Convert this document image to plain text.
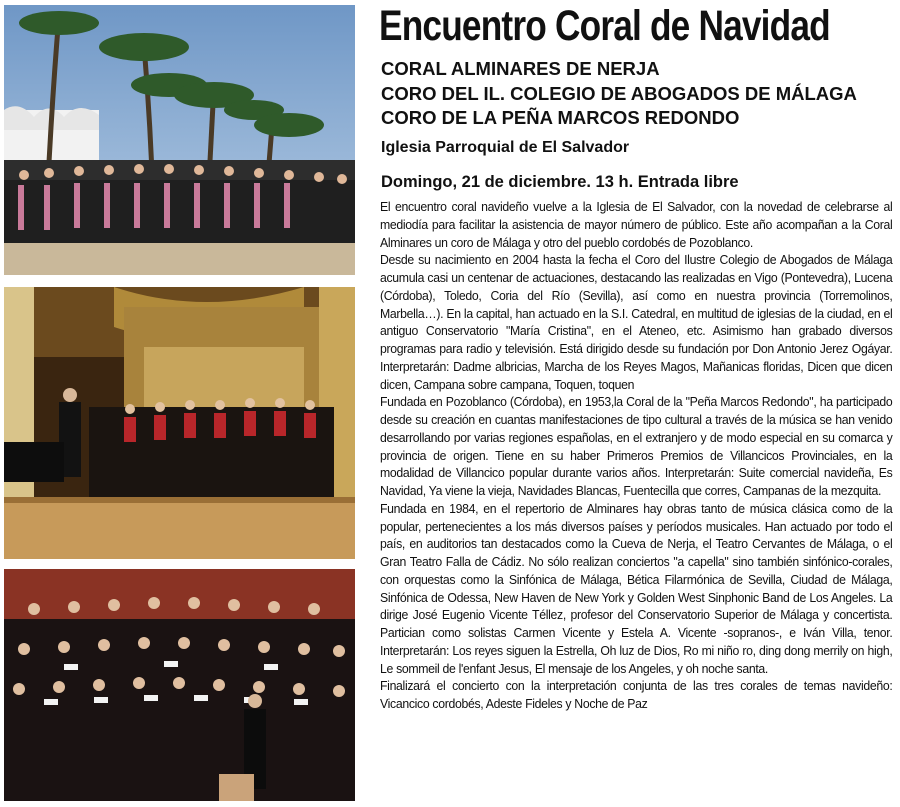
Encuentro Coral de Navidad
CORAL ALMINARES DE NERJA
CORO DEL IL. COLEGIO DE ABOGADOS DE MÁLAGA
CORO DE LA PEÑA MARCOS REDONDO
Iglesia Parroquial de El Salvador
Domingo, 21 de diciembre. 13 h. Entrada libre

El encuentro coral navideño vuelve a la Iglesia de El Salvador, con la novedad de celebrarse al mediodía para facilitar la asistencia de mayor número de público. Este año acompañan a la Coral Alminares un coro de Málaga y otro del pueblo cordobés de Pozoblanco.

Desde su nacimiento en 2004 hasta la fecha el Coro del Ilustre Colegio de Abogados de Málaga acumula casi un centenar de actuaciones, destacando las realizadas en Vigo (Pontevedra), Lucena (Córdoba), Toledo, Coria del Río (Sevilla), así como en nuestra provincia (Torremolinos, Marbella…). En la capital, han actuado en la S.I. Catedral, en multitud de iglesias de la ciudad, en el antiguo Conservatorio "María Cristina", en el Ateneo, etc. Asimismo han grabado diversos programas para radio y televisión. Está dirigido desde su fundación por Don Antonio Jerez Ogáyar. Interpretarán: Dadme albricias, Marcha de los Reyes Magos, Mañanicas floridas, Dicen que dicen dicen, Campana sobre campana, Toquen, toquen

Fundada en Pozoblanco (Córdoba), en 1953,la Coral de la "Peña Marcos Redondo", ha participado desde su creación en cuantas manifestaciones de tipo cultural a través de la música se han venido desarrollando por varias regiones españolas, en el extranjero y de modo especial en su comarca y provincia de origen. Tiene en su haber Primeros Premios de Villancicos Provinciales, en la modalidad de Villancico popular durante varios años. Interpretarán: Suite comercial navideña, Es Navidad, Ya viene la vieja, Navidades Blancas, Fuentecilla que corres, Campanas de la mezquita.

Fundada en 1984, en el repertorio de Alminares hay obras tanto de música clásica como de la popular, pertenecientes a los más diversos países y períodos musicales. Han actuado por todo el país, en auditorios tan destacados como la Cueva de Nerja, el Teatro Cervantes de Málaga, o el Gran Teatro Falla de Cádiz. No sólo realizan conciertos "a capella" sino también sinfónico-corales, con orquestas como la Sinfónica de Málaga, Bética Filarmónica de Sevilla, Ciudad de Málaga, Sinfónica de Odessa, New Haven de New York y Golden West Sinphonic Band de Los Angeles. La dirige José Eugenio Vicente Téllez, profesor del Conservatorio Superior de Málaga y concertista. Partician como solistas Carmen Vicente y Estela A. Vicente -sopranos-, e Iván Villa, tenor. Interpretarán: Los reyes siguen la Estrella, Oh luz de Dios, Ro mi niño ro, ding dong merrily on high, Le sommeil de l'enfant Jesus, El mensaje de los Angeles, y oh noche santa.

Finalizará el concierto con la interpretación conjunta de las tres corales de temas navideño: Vicancico cordobés, Adeste Fideles y Noche de Paz
